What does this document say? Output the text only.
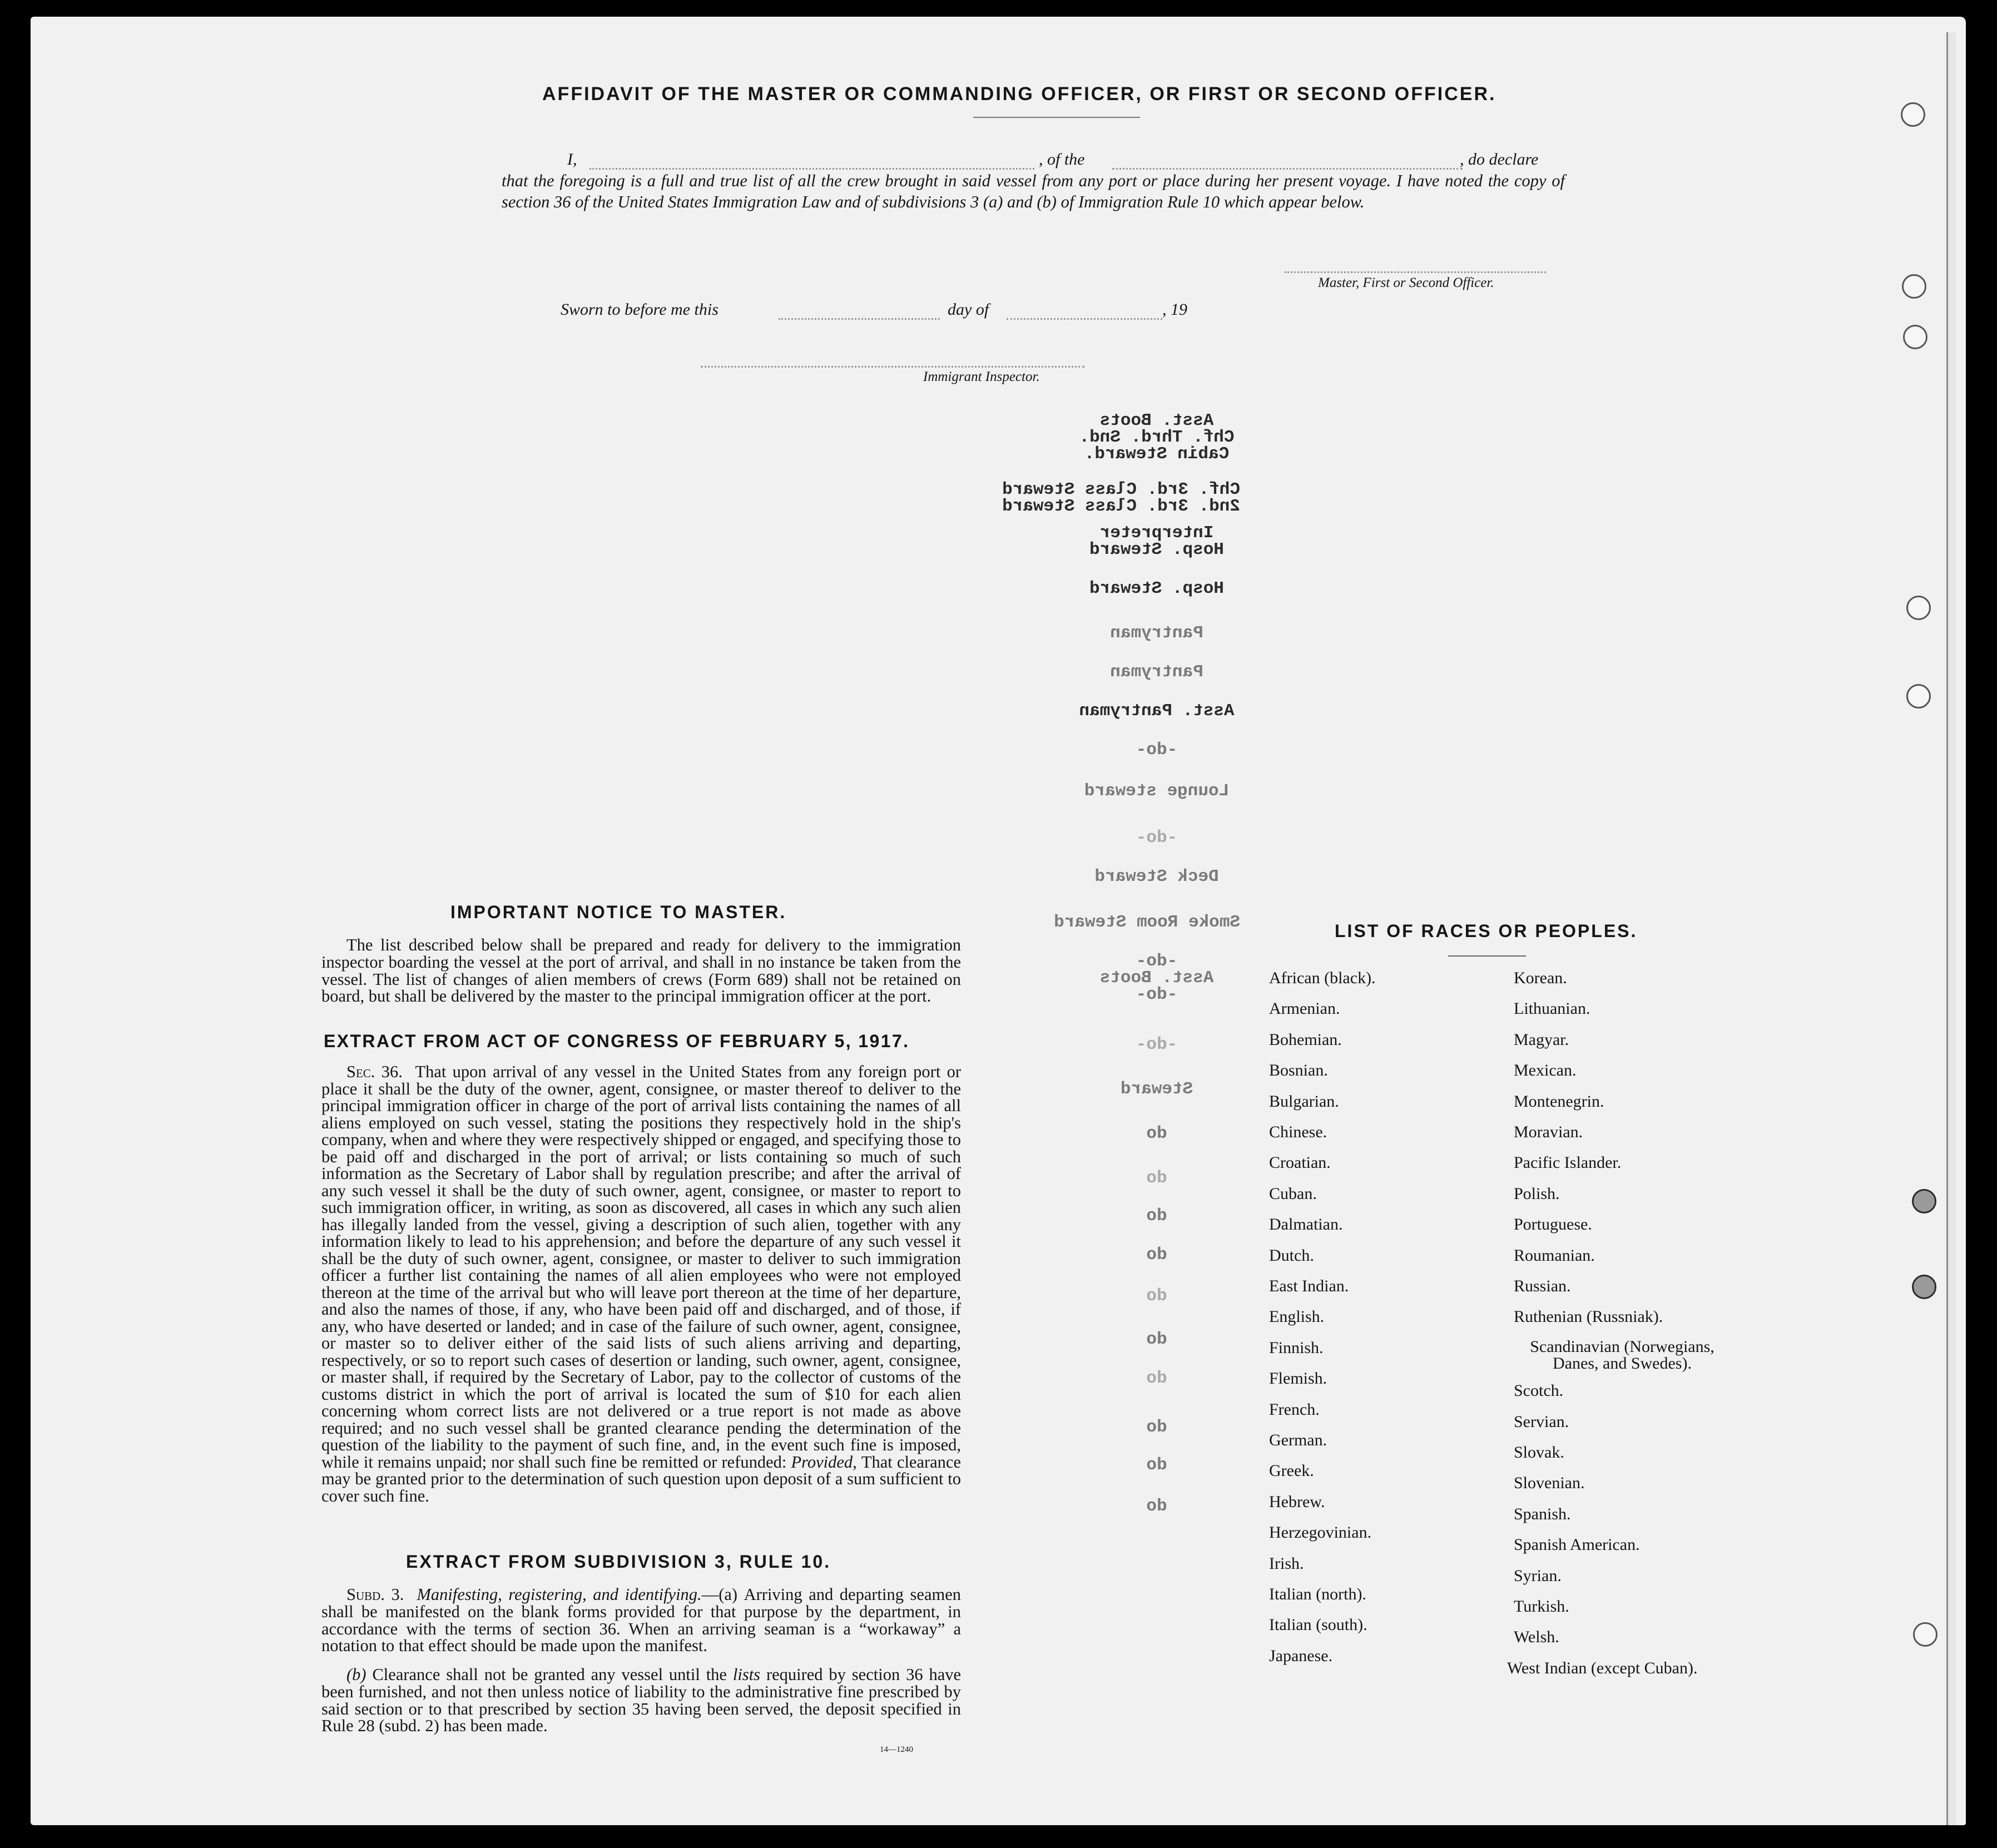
Asst. Boots
Chf. Thrd. Snd.
Cabin Steward.
Chf. 3rd. Class Steward
2nd. 3rd. Class Steward
Interpreter
Hosp. Steward
Hosp. Steward
Pantryman
Pantryman
Asst. Pantryman
-do-
Lounge steward
-do-
Deck Steward
Smoke Room Steward
-do-
Asst. Boots
-do-
-do-
Steward
do
do
do
do
do
do
do
do
do
do
AFFIDAVIT OF THE MASTER OR COMMANDING OFFICER, OR FIRST OR SECOND OFFICER.
I,	, of the	, do declare

that the foregoing is a full and true list of all the crew brought in said vessel from any port or place during her present voyage. I have noted the copy of section 36 of the United States Immigration Law and of subdivisions 3 (a) and (b) of Immigration Rule 10 which appear below.

Master, First or Second Officer.
Sworn to before me this	day of	, 19
Immigrant Inspector.
IMPORTANT NOTICE TO MASTER.

The list described below shall be prepared and ready for delivery to the immigration inspector boarding the vessel at the port of arrival, and shall in no instance be taken from the vessel. The list of changes of alien members of crews (Form 689) shall not be retained on board, but shall be delivered by the master to the principal immigration officer at the port.

EXTRACT FROM ACT OF CONGRESS OF FEBRUARY 5, 1917.

Sec. 36. That upon arrival of any vessel in the United States from any foreign port or place it shall be the duty of the owner, agent, consignee, or master thereof to deliver to the principal immigration officer in charge of the port of arrival lists containing the names of all aliens employed on such vessel, stating the positions they respectively hold in the ship's company, when and where they were respectively shipped or engaged, and specifying those to be paid off and discharged in the port of arrival; or lists containing so much of such information as the Secretary of Labor shall by regulation prescribe; and after the arrival of any such vessel it shall be the duty of such owner, agent, consignee, or master to report to such immigration officer, in writing, as soon as discovered, all cases in which any such alien has illegally landed from the vessel, giving a description of such alien, together with any information likely to lead to his apprehension; and before the departure of any such vessel it shall be the duty of such owner, agent, consignee, or master to deliver to such immigration officer a further list containing the names of all alien employees who were not employed thereon at the time of the arrival but who will leave port thereon at the time of her departure, and also the names of those, if any, who have been paid off and discharged, and of those, if any, who have deserted or landed; and in case of the failure of such owner, agent, consignee, or master so to deliver either of the said lists of such aliens arriving and departing, respectively, or so to report such cases of desertion or landing, such owner, agent, consignee, or master shall, if required by the Secretary of Labor, pay to the collector of customs of the customs district in which the port of arrival is located the sum of $10 for each alien concerning whom correct lists are not delivered or a true report is not made as above required; and no such vessel shall be granted clearance pending the determination of the question of the liability to the payment of such fine, and, in the event such fine is imposed, while it remains unpaid; nor shall such fine be remitted or refunded: Provided, That clearance may be granted prior to the determination of such question upon deposit of a sum sufficient to cover such fine.

EXTRACT FROM SUBDIVISION 3, RULE 10.

Subd. 3. Manifesting, registering, and identifying.—(a) Arriving and departing seamen shall be manifested on the blank forms provided for that purpose by the department, in accordance with the terms of section 36. When an arriving seaman is a “workaway” a notation to that effect should be made upon the manifest.

(b) Clearance shall not be granted any vessel until the lists required by section 36 have been furnished, and not then unless notice of liability to the administrative fine prescribed by said section or to that prescribed by section 35 having been served, the deposit specified in Rule 28 (subd. 2) has been made.

14—1240
LIST OF RACES OR PEOPLES.
African (black).
Armenian.
Bohemian.
Bosnian.
Bulgarian.
Chinese.
Croatian.
Cuban.
Dalmatian.
Dutch.
East Indian.
English.
Finnish.
Flemish.
French.
German.
Greek.
Hebrew.
Herzegovinian.
Irish.
Italian (north).
Italian (south).
Japanese.
Korean.
Lithuanian.
Magyar.
Mexican.
Montenegrin.
Moravian.
Pacific Islander.
Polish.
Portuguese.
Roumanian.
Russian.
Ruthenian (Russniak).
Scandinavian (Norwegians, Danes, and Swedes).
Scotch.
Servian.
Slovak.
Slovenian.
Spanish.
Spanish American.
Syrian.
Turkish.
Welsh.
West Indian (except Cuban).
